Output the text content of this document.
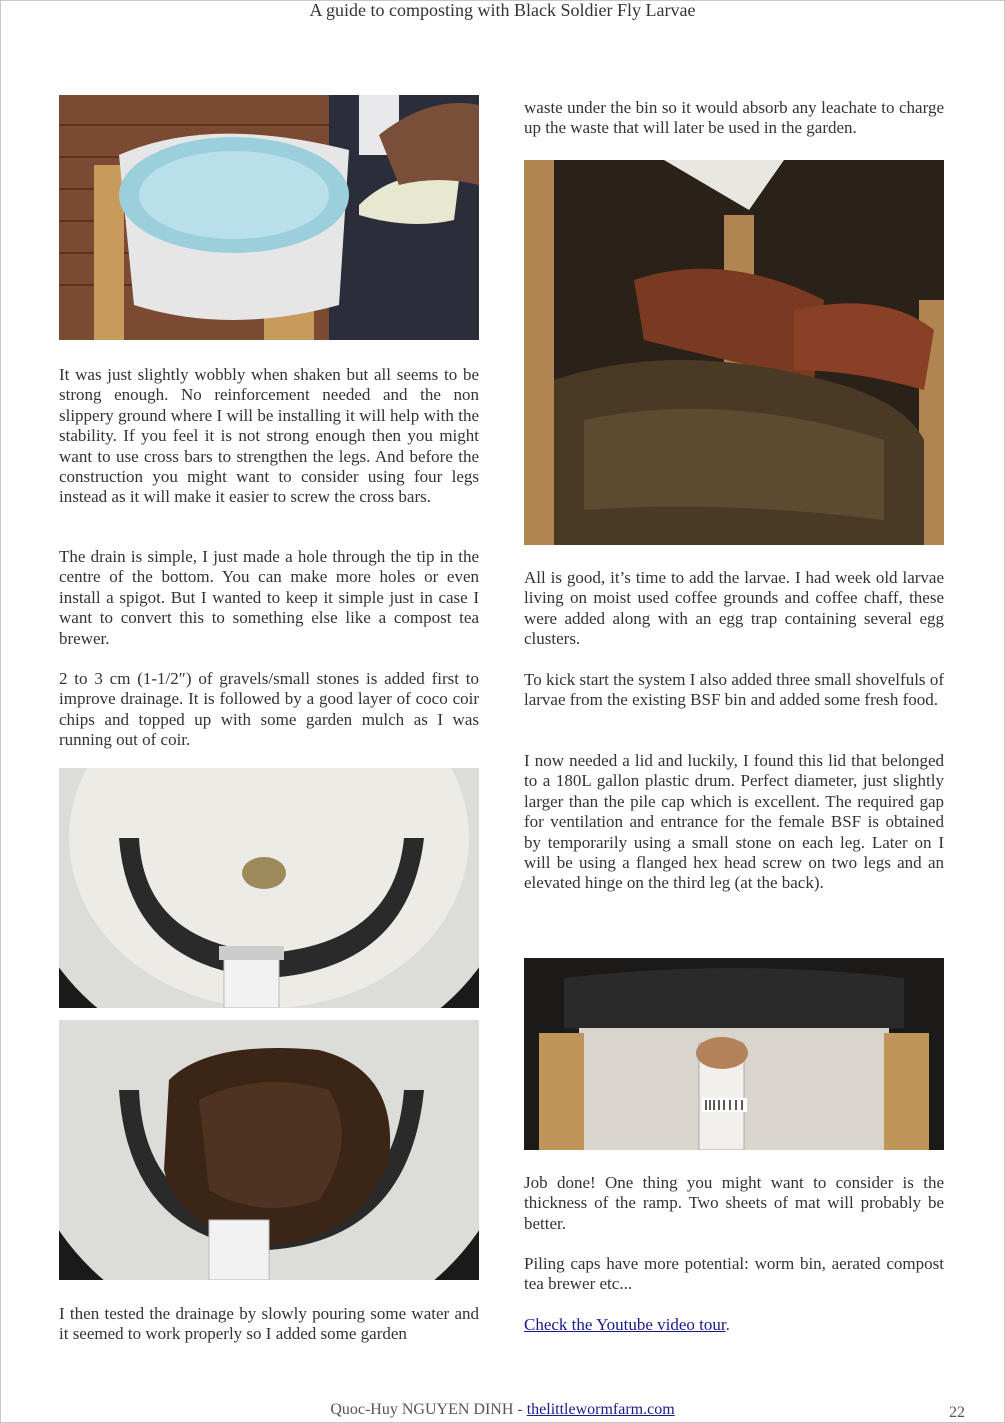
A guide to composting with Black Soldier Fly Larvae

It was just slightly wobbly when shaken but all seems to be strong enough. No reinforcement needed and the non slippery ground where I will be installing it will help with the stability. If you feel it is not strong enough then you might want to use cross bars to strengthen the legs. And before the construction you might want to consider using four legs instead as it will make it easier to screw the cross bars.

The drain is simple, I just made a hole through the tip in the centre of the bottom. You can make more holes or even install a spigot. But I wanted to keep it simple just in case I want to convert this to something else like a compost tea brewer.

2 to 3 cm (1-1/2″) of gravels/small stones is added first to improve drainage. It is followed by a good layer of coco coir chips and topped up with some garden mulch as I was running out of coir.

I then tested the drainage by slowly pouring some water and it seemed to work properly so I added some garden

waste under the bin so it would absorb any leachate to charge up the waste that will later be used in the garden.

All is good, it’s time to add the larvae. I had week old larvae living on moist used coffee grounds and coffee chaff, these were added along with an egg trap containing several egg clusters.

To kick start the system I also added three small shovelfuls of larvae from the existing BSF bin and added some fresh food.

I now needed a lid and luckily, I found this lid that belonged to a 180L gallon plastic drum. Perfect diameter, just slightly larger than the pile cap which is excellent. The required gap for ventilation and entrance for the female BSF is obtained by temporarily using a small stone on each leg. Later on I will be using a flanged hex head screw on two legs and an elevated hinge on the third leg (at the back).

Job done! One thing you might want to consider is the thickness of the ramp. Two sheets of mat will probably be better.

Piling caps have more potential: worm bin, aerated compost tea brewer etc...

Check the Youtube video tour.

Quoc-Huy NGUYEN DINH - thelittlewormfarm.com	22
